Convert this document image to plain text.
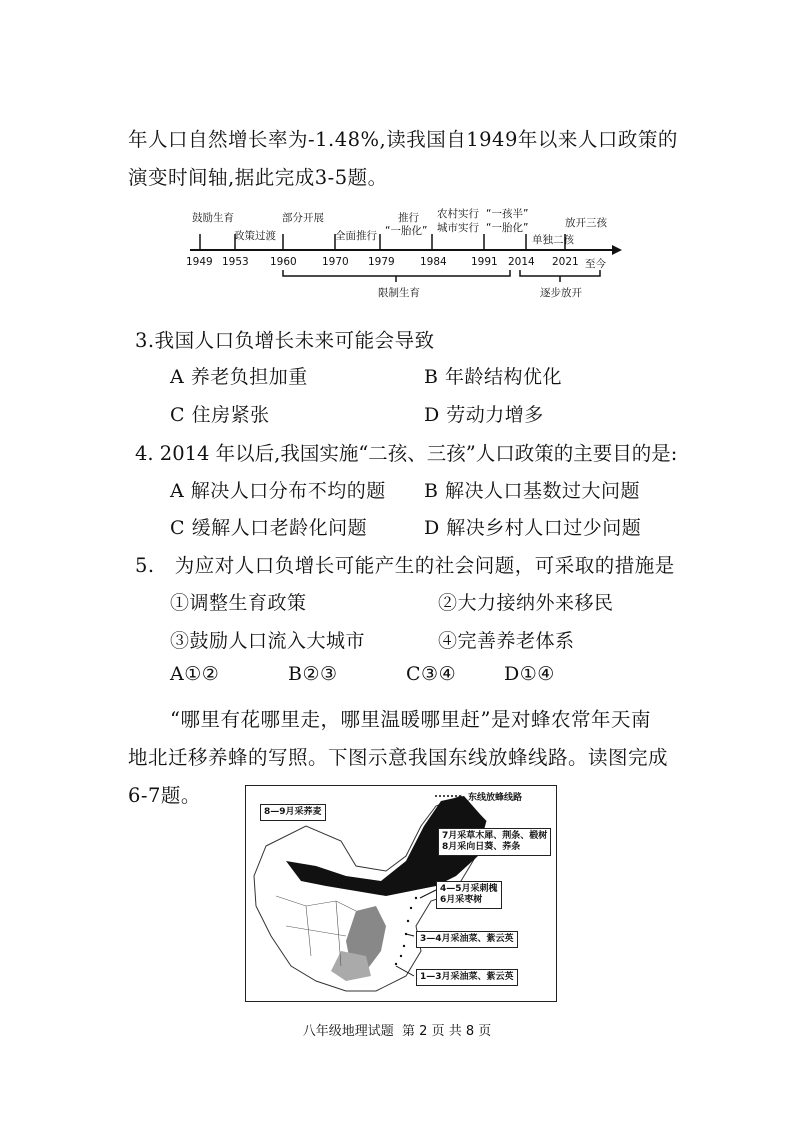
年人口自然增长率为-1.48%,读我国自1949年以来人口政策的
演变时间轴,据此完成3-5题。
鼓励生育
政策过渡
部分开展
全面推行
推行
“一胎化”
农村实行
城市实行
“一孩半”
“一胎化”
单独二孩
放开三孩
1949 1953 1960 1970 1979 1984 1991 2014 2021 至今
限制生育	逐步放开
3.我国人口负增长未来可能会导致
A 养老负担加重	B 年龄结构优化
C 住房紧张	D 劳动力增多
4. 2014 年以后,我国实施“二孩、三孩”人口政策的主要目的是:
A 解决人口分布不均的题 B 解决人口基数过大问题
C 缓解人口老龄化问题	D 解决乡村人口过少问题
5.   为应对人口负增长可能产生的社会问题，可采取的措施是
①调整生育政策	②大力接纳外来移民
③鼓励人口流入大城市	④完善养老体系
A①②	B②③	C③④	D①④
“哪里有花哪里走，哪里温暖哪里赶”是对蜂农常年天南
地北迁移养蜂的写照。下图示意我国东线放蜂线路。读图完成
6-7题。	东线放蜂线路
8—9月采荞麦
7月采草木犀、荆条、椴树
8月采向日葵、荞条
4—5月采刺槐
6月采枣树
3—4月采油菜、紫云英
1—3月采油菜、紫云英
八年级地理试题  第 2 页 共 8 页
